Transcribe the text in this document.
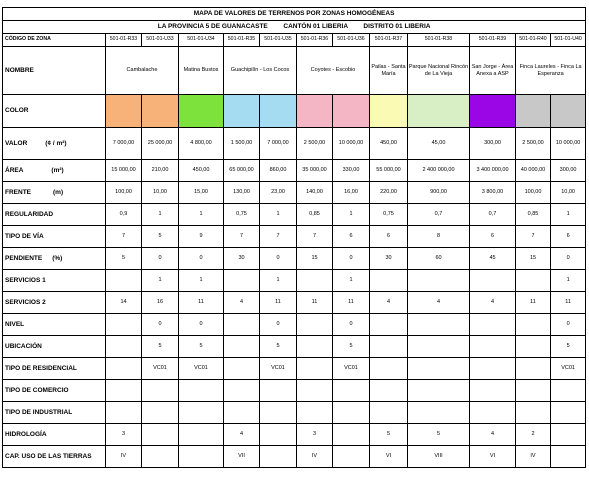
MAPA DE VALORES DE TERRENOS POR ZONAS HOMOGÉNEAS												
LA PROVINCIA 5 DE GUANACASTE CANTÓN 01 LIBERIA DISTRITO 01 LIBERIA												
CÓDIGO DE ZONA	501-01-R33	501-01-U33	501-01-U34	501-01-R35	501-01-U35	501-01-R36	501-01-U36	501-01-R37	501-01-R38	501-01-R39	501-01-R40	501-01-U40
NOMBRE	Cambalache		Matina Bustos	Guachipilín - Los Cocos		Coyotes - Escobio		Pailas - Santa María	Parque Nacional Rincón de La Vieja	San Jorge - Área Anexa a ASP	Finca Laureles - Finca La Esperanza	
COLOR												
VALOR (¢ / m²)	7 000,00	25 000,00	4 800,00	1 500,00	7 000,00	2 500,00	10 000,00	450,00	45,00	300,00	2 500,00	10 000,00
ÁREA (m²)	15 000,00	210,00	450,00	65 000,00	860,00	35 000,00	330,00	55 000,00	2 400 000,00	3 400 000,00	40 000,00	300,00
FRENTE (m)	100,00	10,00	15,00	130,00	23,00	140,00	16,00	220,00	900,00	3 800,00	100,00	10,00
REGULARIDAD	0,9	1	1	0,75	1	0,85	1	0,75	0,7	0,7	0,85	1
TIPO DE VÍA	7	5	9	7	7	7	6	6	8	6	7	6
PENDIENTE (%)	5	0	0	30	0	15	0	30	60	45	15	0
SERVICIOS 1		1	1		1		1					1
SERVICIOS 2	14	16	11	4	11	11	11	4	4	4	11	11
NIVEL		0	0		0		0					0
UBICACIÓN		5	5		5		5					5
TIPO DE RESIDENCIAL		VC01	VC01		VC01		VC01					VC01
TIPO DE COMERCIO												
TIPO DE INDUSTRIAL												
HIDROLOGÍA	3			4		3		5	5	4	2	
CAP. USO DE LAS TIERRAS	IV			VII		IV		VI	VIII	VI	IV	
